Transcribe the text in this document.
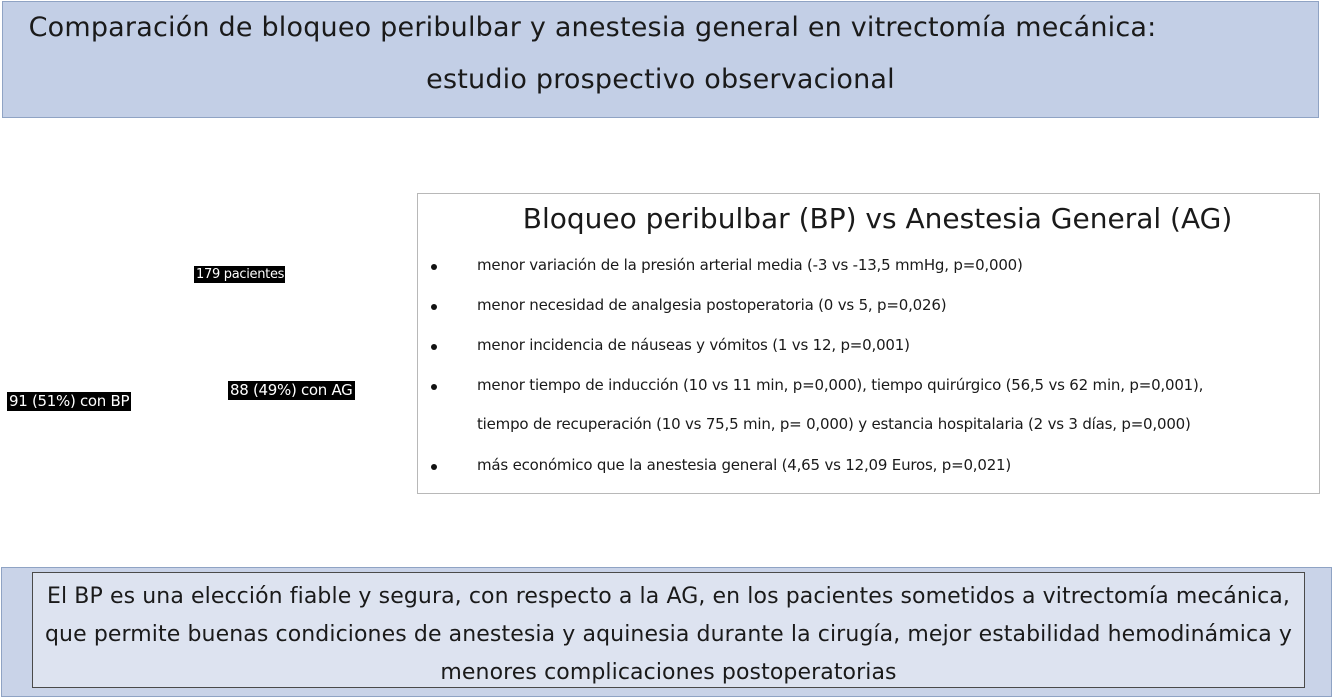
Comparación de bloqueo peribulbar y anestesia general en vitrectomía mecánica:
estudio prospectivo observacional
179 pacientes
91 (51%) con BP
88 (49%) con AG
Bloqueo peribulbar (BP) vs Anestesia General (AG)
menor variación de la presión arterial media (-3 vs -13,5 mmHg, p=0,000)
menor necesidad de analgesia postoperatoria (0 vs 5, p=0,026)
menor incidencia de náuseas y vómitos (1 vs 12, p=0,001)
menor tiempo de inducción (10 vs 11 min, p=0,000), tiempo quirúrgico (56,5 vs 62 min, p=0,001),
tiempo de recuperación (10 vs 75,5 min, p= 0,000) y estancia hospitalaria (2 vs 3 días, p=0,000)
más económico que la anestesia general (4,65 vs 12,09 Euros, p=0,021)
El BP es una elección fiable y segura, con respecto a la AG, en los pacientes sometidos a vitrectomía mecánica, que permite buenas condiciones de anestesia y aquinesia durante la cirugía, mejor estabilidad hemodinámica y menores complicaciones postoperatorias
